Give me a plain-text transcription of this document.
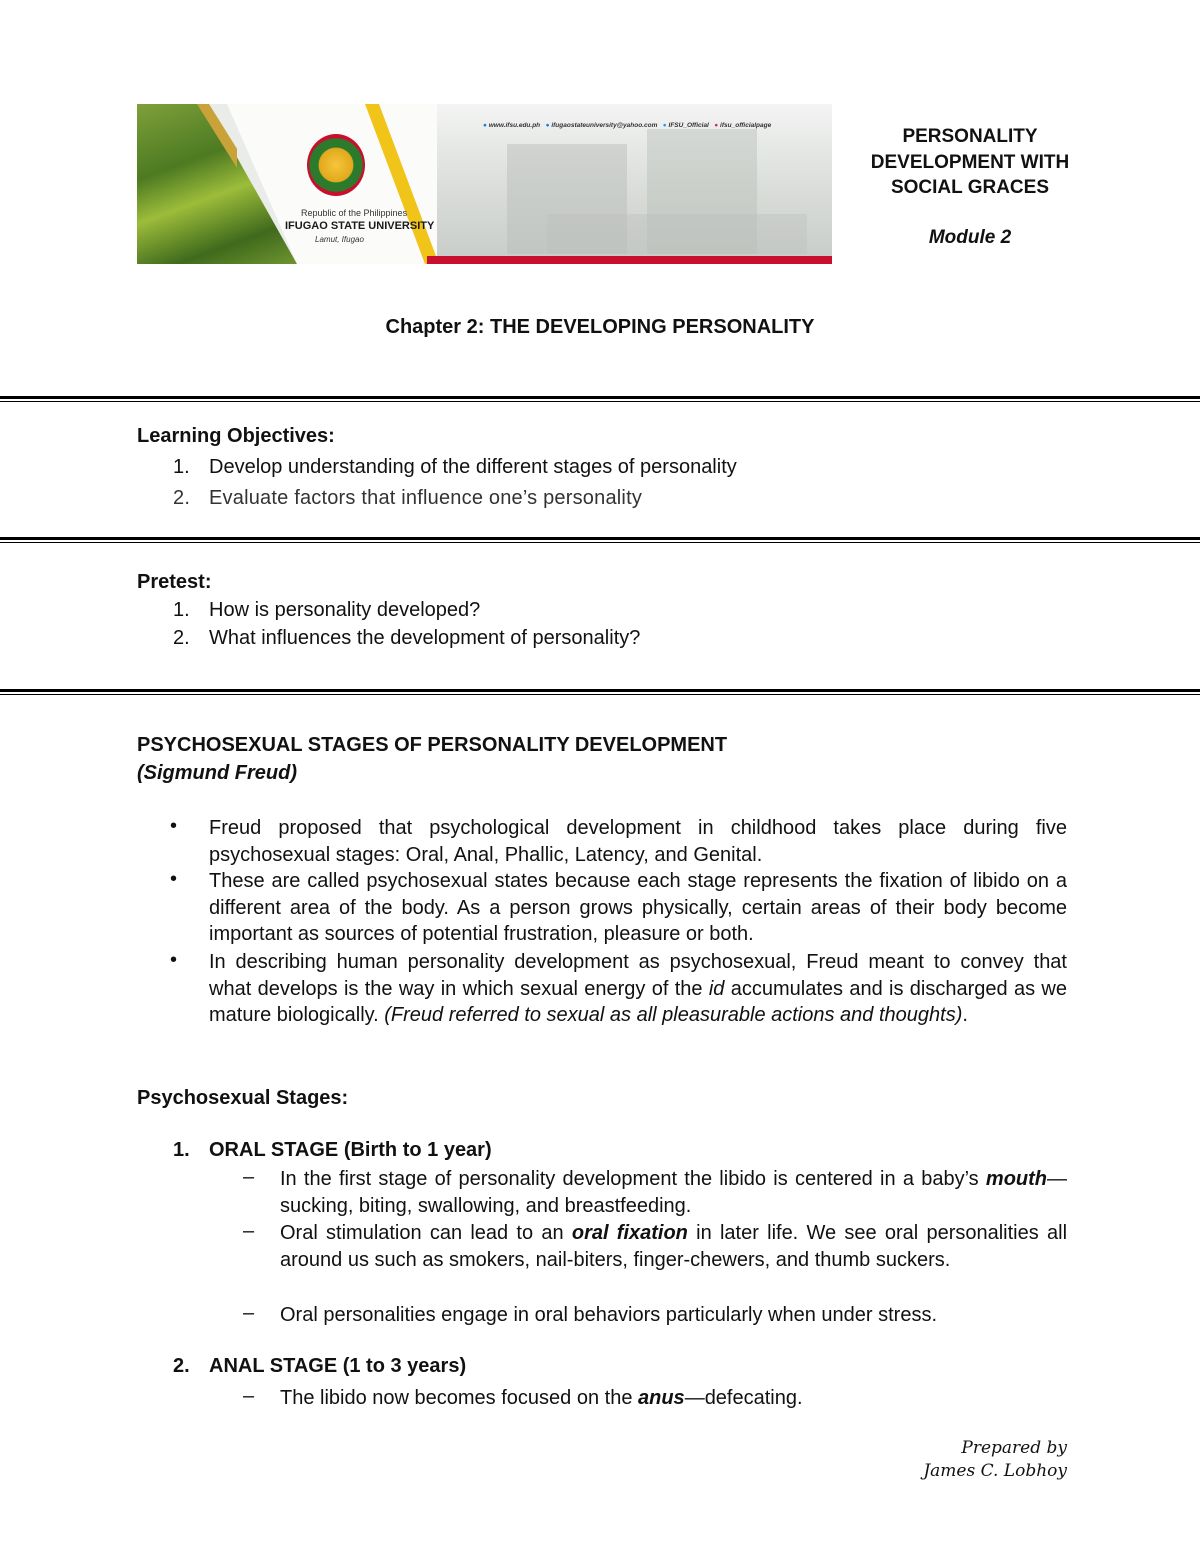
Republic of the Philippines
IFUGAO STATE UNIVERSITY
Lamut, Ifugao
● www.ifsu.edu.ph ● ifugaostateuniversity@yahoo.com ● IFSU_Official ● ifsu_officialpage
PERSONALITY
DEVELOPMENT WITH
SOCIAL GRACES
Module 2
Chapter 2: THE DEVELOPING PERSONALITY
Learning Objectives:
1. Develop understanding of the different stages of personality
2. Evaluate factors that influence one’s personality
Pretest:
1. How is personality developed?
2. What influences the development of personality?
PSYCHOSEXUAL STAGES OF PERSONALITY DEVELOPMENT
(Sigmund Freud)
• Freud proposed that psychological development in childhood takes place during five psychosexual stages: Oral, Anal, Phallic, Latency, and Genital.
• These are called psychosexual states because each stage represents the fixation of libido on a different area of the body. As a person grows physically, certain areas of their body become important as sources of potential frustration, pleasure or both.
• In describing human personality development as psychosexual, Freud meant to convey that what develops is the way in which sexual energy of the id accumulates and is discharged as we mature biologically. (Freud referred to sexual as all pleasurable actions and thoughts).
Psychosexual Stages:
1. ORAL STAGE (Birth to 1 year)
– In the first stage of personality development the libido is centered in a baby’s mouth—sucking, biting, swallowing, and breastfeeding.
– Oral stimulation can lead to an oral fixation in later life. We see oral personalities all around us such as smokers, nail-biters, finger-chewers, and thumb suckers.
– Oral personalities engage in oral behaviors particularly when under stress.
2. ANAL STAGE (1 to 3 years)
– The libido now becomes focused on the anus—defecating.
Prepared by
James C. Lobhoy
